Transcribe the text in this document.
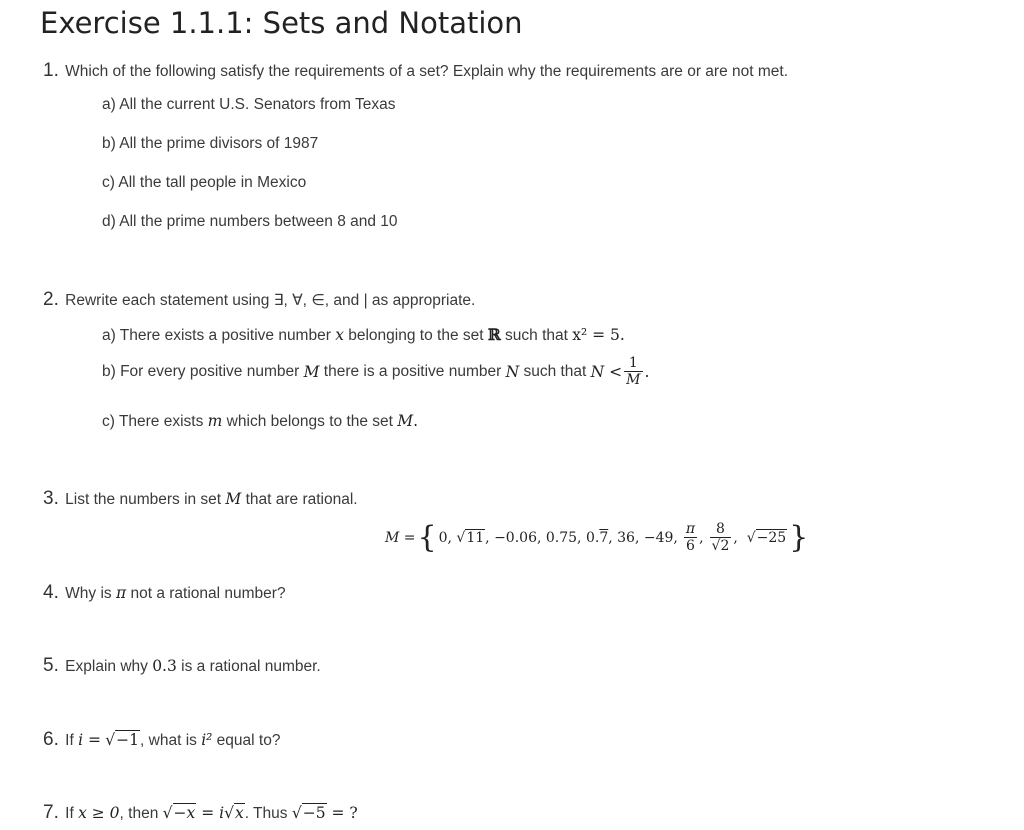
Exercise 1.1.1: Sets and Notation
1. Which of the following satisfy the requirements of a set? Explain why the requirements are or are not met.
a) All the current U.S. Senators from Texas
b) All the prime divisors of 1987
c) All the tall people in Mexico
d) All the prime numbers between 8 and 10
2. Rewrite each statement using ∃, ∀, ∈, and | as appropriate.
a) There exists a positive number x belonging to the set ℝ such that x² = 5.
b) For every positive number
M
there is a positive number
N
such that
$N < \frac{1}{M}$ .
c) There exists m which belongs to the set M.
3. List the numbers in set M that are rational.
M = { 0,
√11 , −0.06, 0.75, 0. 7 , 36, −49, $\frac{\pi}{6}$ , $\frac{8}{√2}$ , √−25 }
4. Why is π not a rational number?
5. Explain why 0.3 is a rational number.
6. If i = √−1, what is i² equal to?
7. If x ≥ 0, then √−x = i√x. Thus √−5 = ?
